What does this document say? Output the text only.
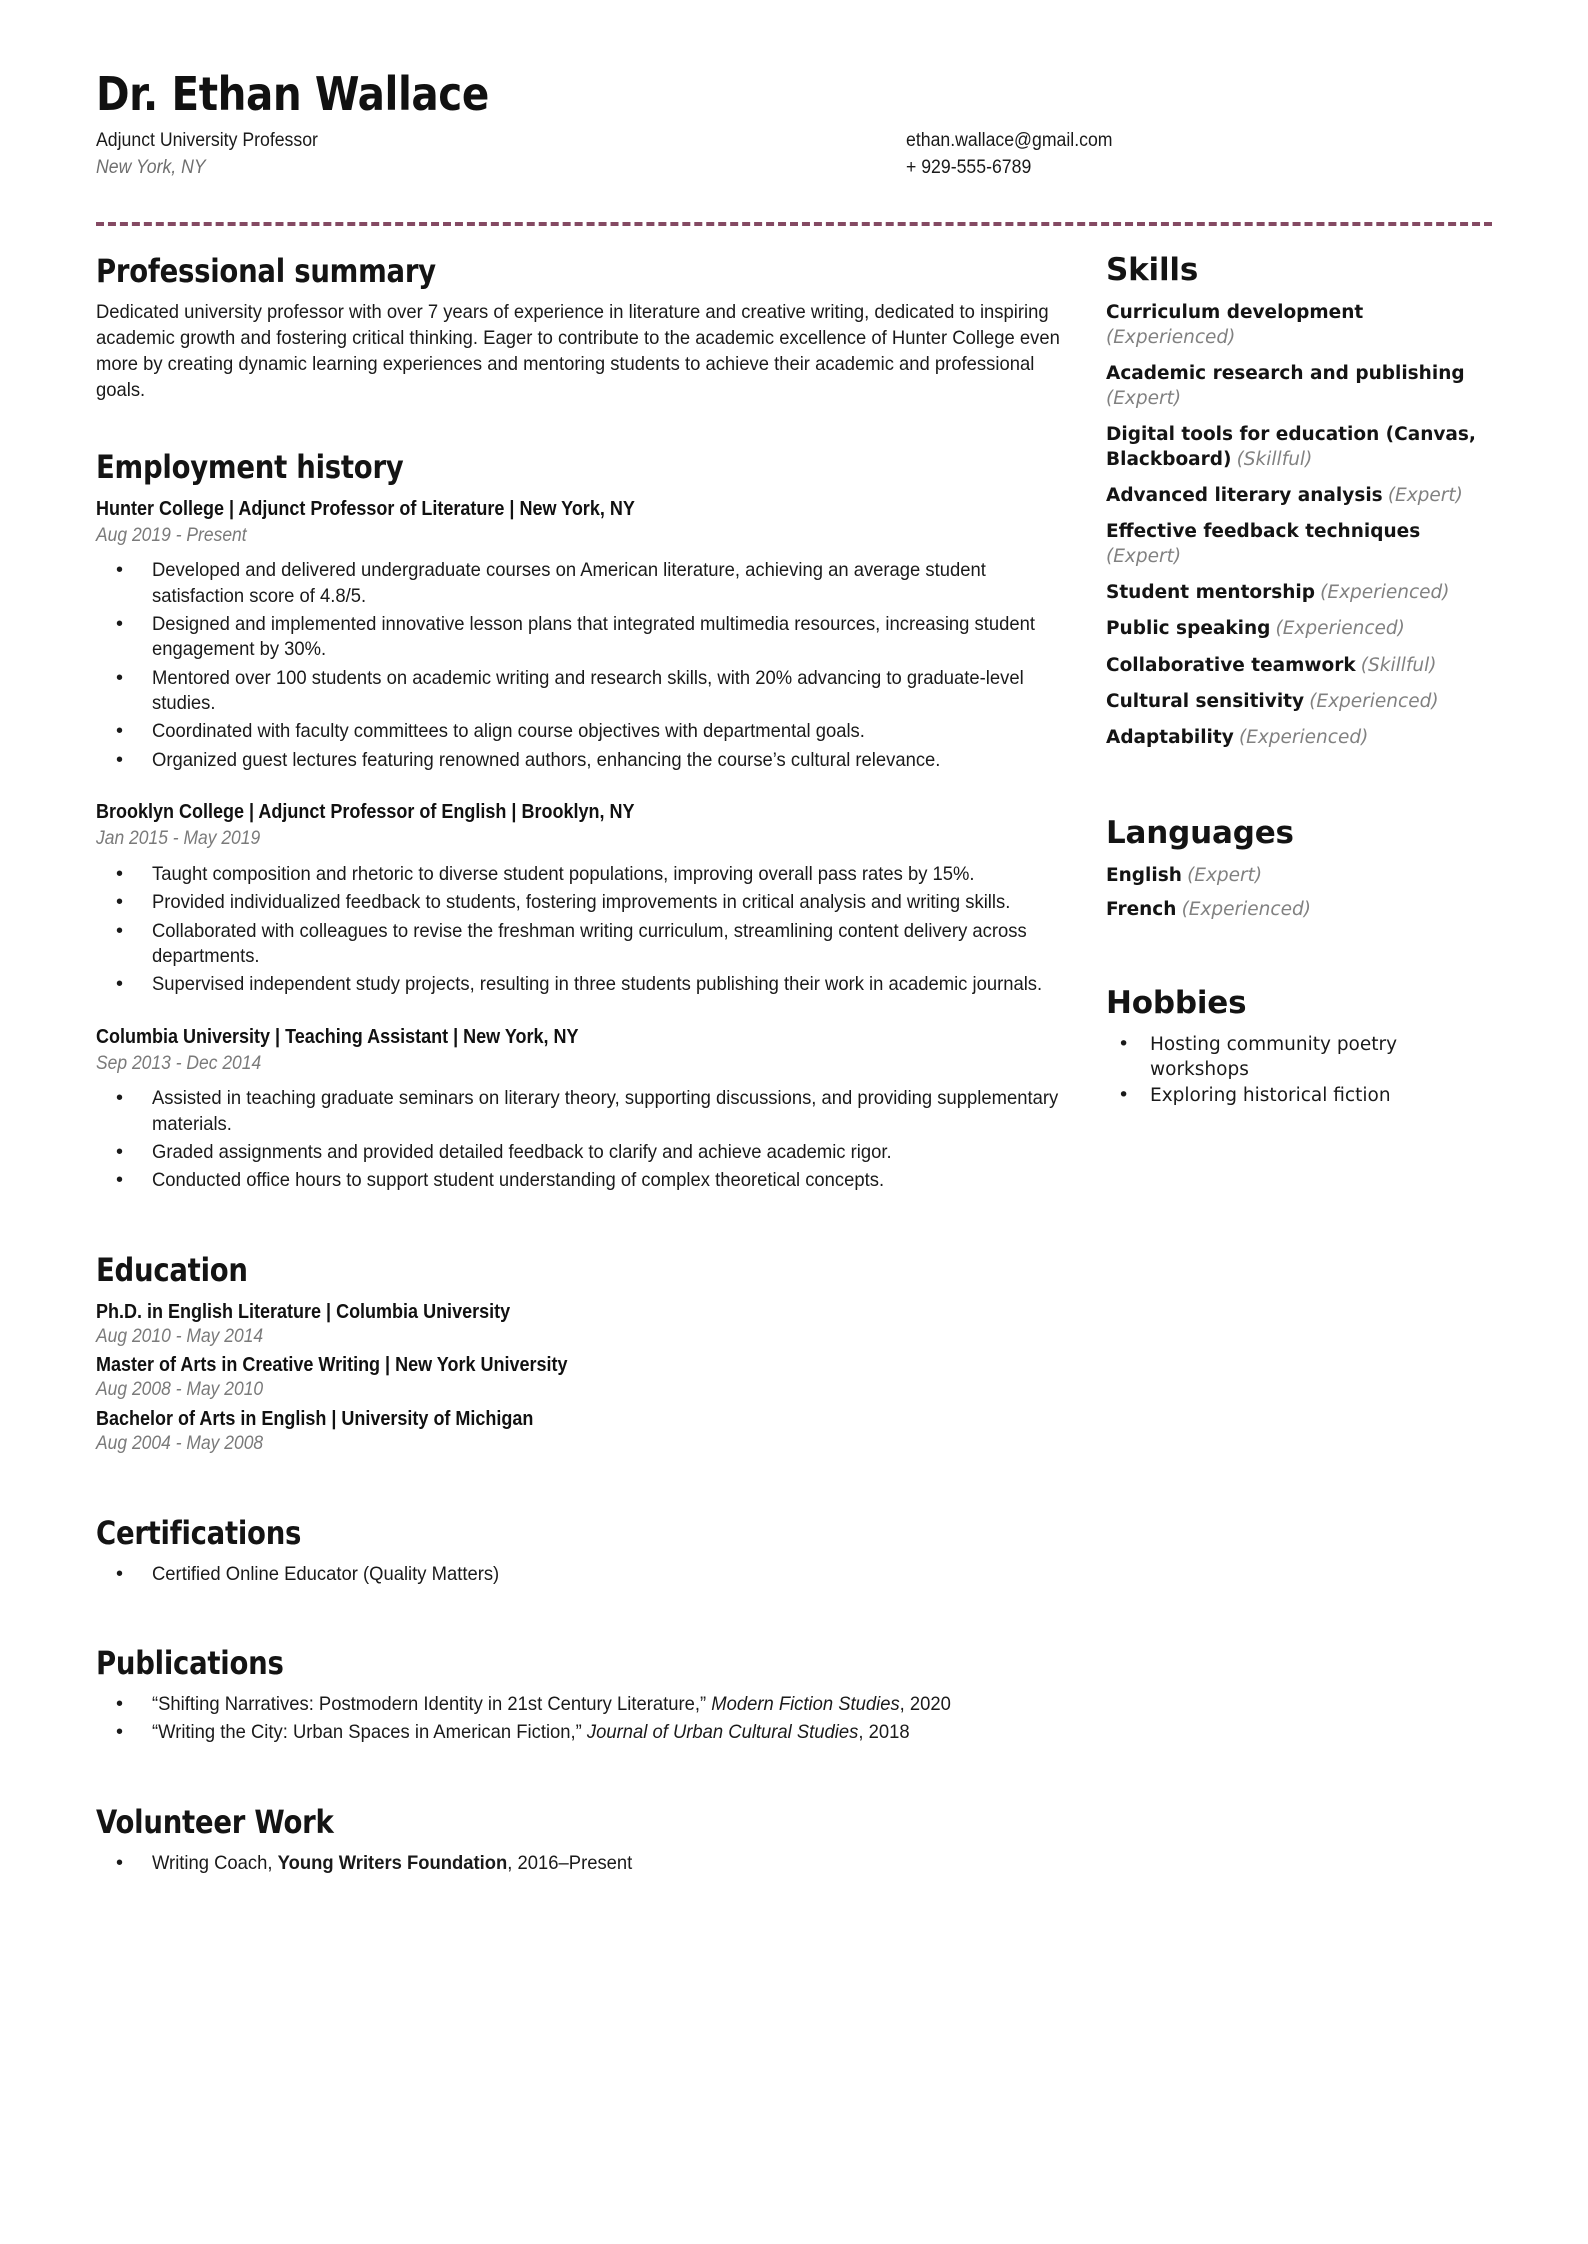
Dr. Ethan Wallace
Adjunct University Professor
New York, NY
ethan.wallace@gmail.com
+ 929-555-6789
Professional summary

Dedicated university professor with over 7 years of experience in literature and creative writing, dedicated to inspiring academic growth and fostering critical thinking. Eager to contribute to the academic excellence of Hunter College even more by creating dynamic learning experiences and mentoring students to achieve their academic and professional goals.

Employment history
Hunter College | Adjunct Professor of Literature | New York, NY
Aug 2019 - Present
• Developed and delivered undergraduate courses on American literature, achieving an average student satisfaction score of 4.8/5.
• Designed and implemented innovative lesson plans that integrated multimedia resources, increasing student engagement by 30%.
• Mentored over 100 students on academic writing and research skills, with 20% advancing to graduate-level studies.
• Coordinated with faculty committees to align course objectives with departmental goals.
• Organized guest lectures featuring renowned authors, enhancing the course’s cultural relevance.
Brooklyn College | Adjunct Professor of English | Brooklyn, NY
Jan 2015 - May 2019
• Taught composition and rhetoric to diverse student populations, improving overall pass rates by 15%.
• Provided individualized feedback to students, fostering improvements in critical analysis and writing skills.
• Collaborated with colleagues to revise the freshman writing curriculum, streamlining content delivery across departments.
• Supervised independent study projects, resulting in three students publishing their work in academic journals.
Columbia University | Teaching Assistant | New York, NY
Sep 2013 - Dec 2014
• Assisted in teaching graduate seminars on literary theory, supporting discussions, and providing supplementary materials.
• Graded assignments and provided detailed feedback to clarify and achieve academic rigor.
• Conducted office hours to support student understanding of complex theoretical concepts.
Education
Ph.D. in English Literature | Columbia University
Aug 2010 - May 2014
Master of Arts in Creative Writing | New York University
Aug 2008 - May 2010
Bachelor of Arts in English | University of Michigan
Aug 2004 - May 2008
Certifications
• Certified Online Educator (Quality Matters)
Publications
• “Shifting Narratives: Postmodern Identity in 21st Century Literature,” Modern Fiction Studies, 2020
• “Writing the City: Urban Spaces in American Fiction,” Journal of Urban Cultural Studies, 2018
Volunteer Work
• Writing Coach, Young Writers Foundation, 2016–Present
Skills
Curriculum development (Experienced)
Academic research and publishing (Expert)
Digital tools for education (Canvas, Blackboard) (Skillful)
Advanced literary analysis (Expert)
Effective feedback techniques (Expert)
Student mentorship (Experienced)
Public speaking (Experienced)
Collaborative teamwork (Skillful)
Cultural sensitivity (Experienced)
Adaptability (Experienced)
Languages
English (Expert)
French (Experienced)
Hobbies
• Hosting community poetry workshops
• Exploring historical fiction
